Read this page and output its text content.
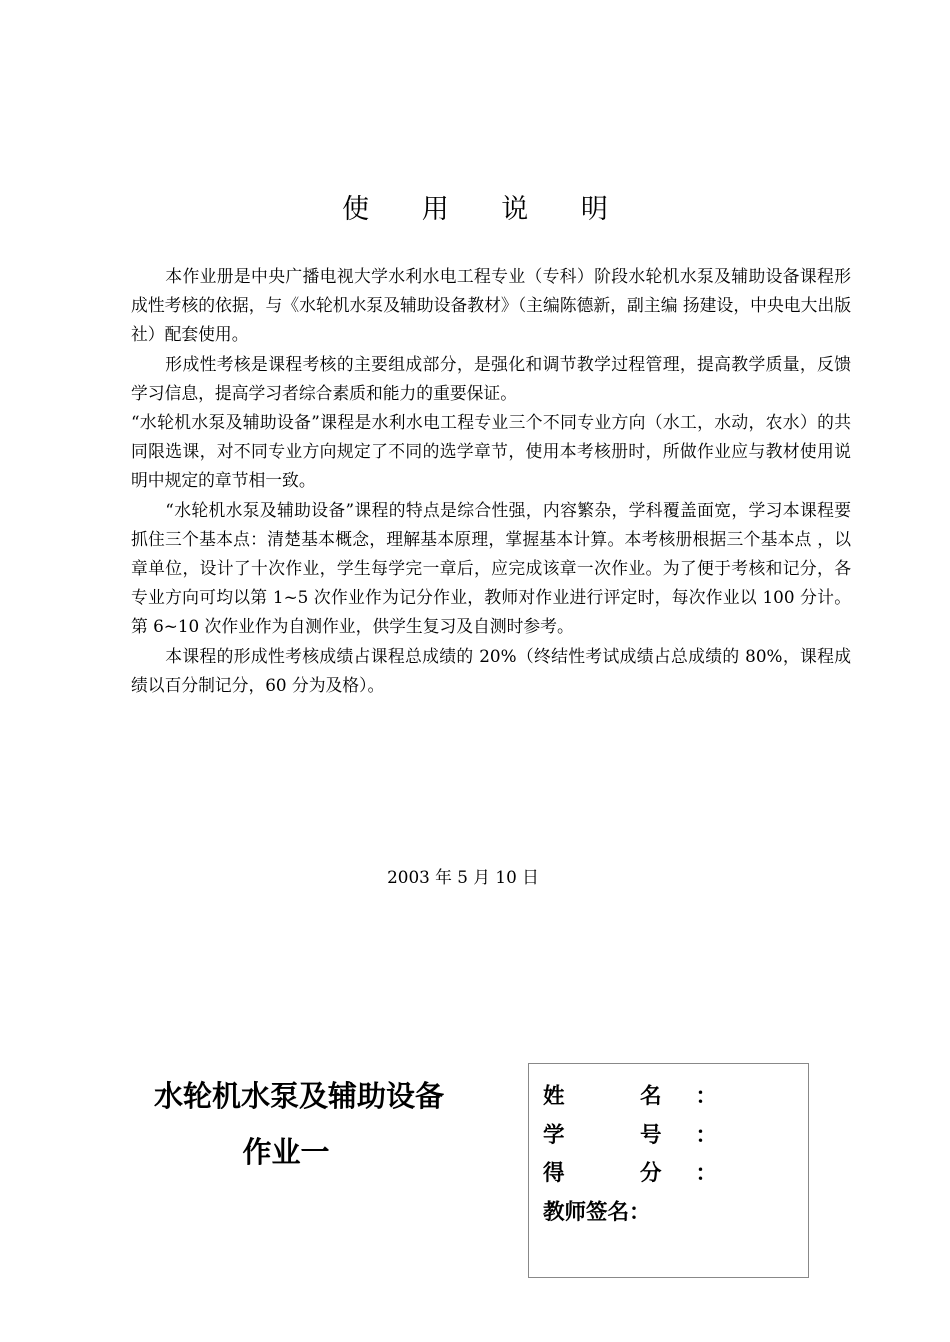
使 用 说 明

　　本作业册是中央广播电视大学水利水电工程专业（专科）阶段水轮机水泵及辅助设备课程形成性考核的依据，与《水轮机水泵及辅助设备教材》（主编陈德新，副主编 扬建设，中央电大出版社）配套使用。

　　形成性考核是课程考核的主要组成部分，是强化和调节教学过程管理，提高教学质量，反馈学习信息，提高学习者综合素质和能力的重要保证。

“水轮机水泵及辅助设备”课程是水利水电工程专业三个不同专业方向（水工，水动，农水）的共同限选课，对不同专业方向规定了不同的选学章节，使用本考核册时，所做作业应与教材使用说明中规定的章节相一致。

　　“水轮机水泵及辅助设备”课程的特点是综合性强，内容繁杂，学科覆盖面宽，学习本课程要抓住三个基本点：清楚基本概念，理解基本原理，掌握基本计算。本考核册根据三个基本点 ，以章单位，设计了十次作业，学生每学完一章后，应完成该章一次作业。为了便于考核和记分，各专业方向可均以第 1~5 次作业作为记分作业，教师对作业进行评定时，每次作业以 100 分计。第 6~10 次作业作为自测作业，供学生复习及自测时参考。

　　本课程的形成性考核成绩占课程总成绩的 20%（终结性考试成绩占总成绩的 80%，课程成绩以百分制记分，60 分为及格）。

2003 年 5 月 10 日
水轮机水泵及辅助设备
作业一
姓 名：
学 号：
得 分：
教师签名：
